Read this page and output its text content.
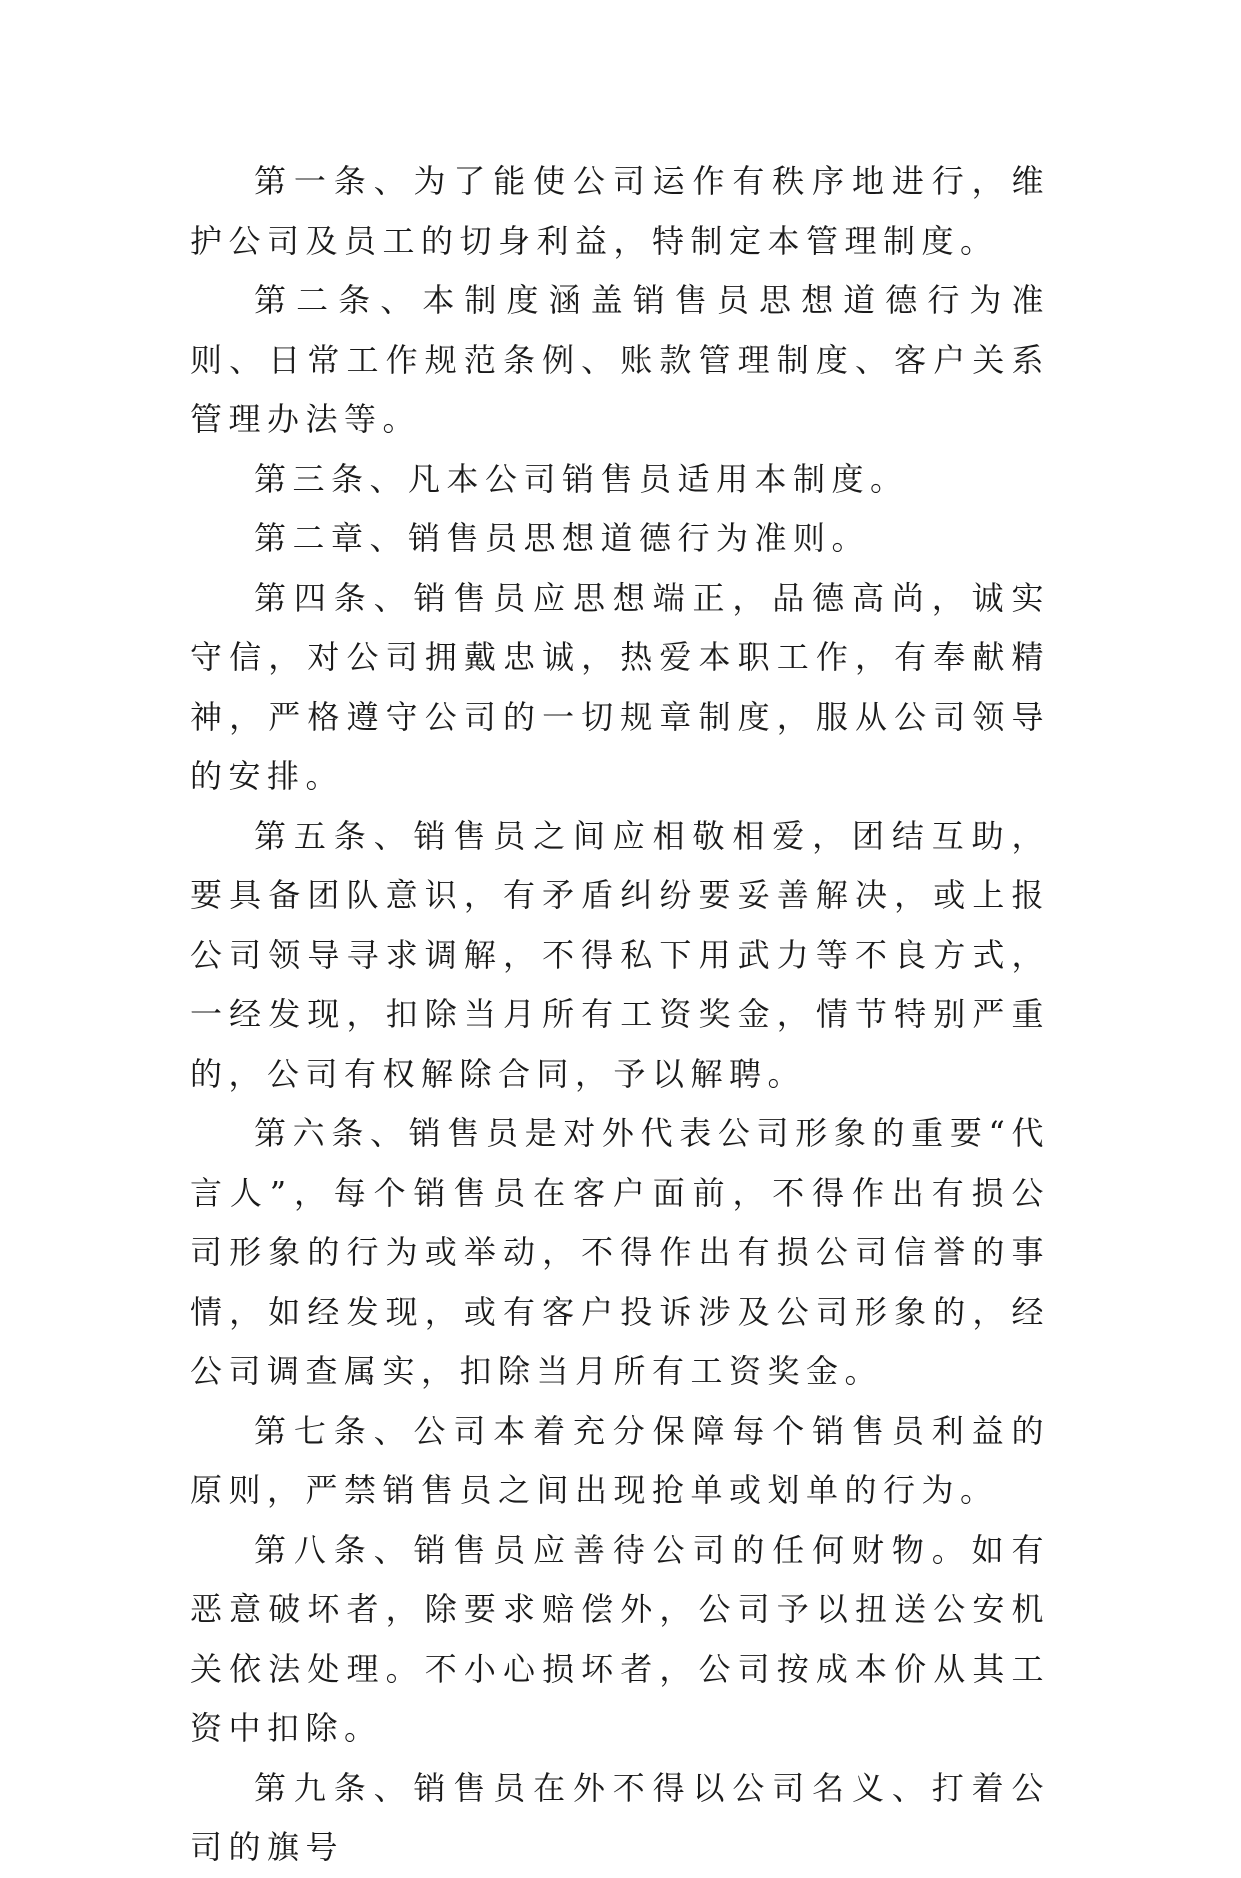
第一条、为了能使公司运作有秩序地进行，维护公司及员工的切身利益，特制定本管理制度。

第二条、本制度涵盖销售员思想道德行为准则、日常工作规范条例、账款管理制度、客户关系管理办法等。

第三条、凡本公司销售员适用本制度。

第二章、销售员思想道德行为准则。

第四条、销售员应思想端正，品德高尚，诚实守信，对公司拥戴忠诚，热爱本职工作，有奉献精神，严格遵守公司的一切规章制度，服从公司领导的安排。

第五条、销售员之间应相敬相爱，团结互助，要具备团队意识，有矛盾纠纷要妥善解决，或上报公司领导寻求调解，不得私下用武力等不良方式，一经发现，扣除当月所有工资奖金，情节特别严重的，公司有权解除合同，予以解聘。

第六条、销售员是对外代表公司形象的重要“代言人”，每个销售员在客户面前，不得作出有损公司形象的行为或举动，不得作出有损公司信誉的事情，如经发现，或有客户投诉涉及公司形象的，经公司调查属实，扣除当月所有工资奖金。

第七条、公司本着充分保障每个销售员利益的原则，严禁销售员之间出现抢单或划单的行为。

第八条、销售员应善待公司的任何财物。如有恶意破坏者，除要求赔偿外，公司予以扭送公安机关依法处理。不小心损坏者，公司按成本价从其工资中扣除。

第九条、销售员在外不得以公司名义、打着公司的旗号
